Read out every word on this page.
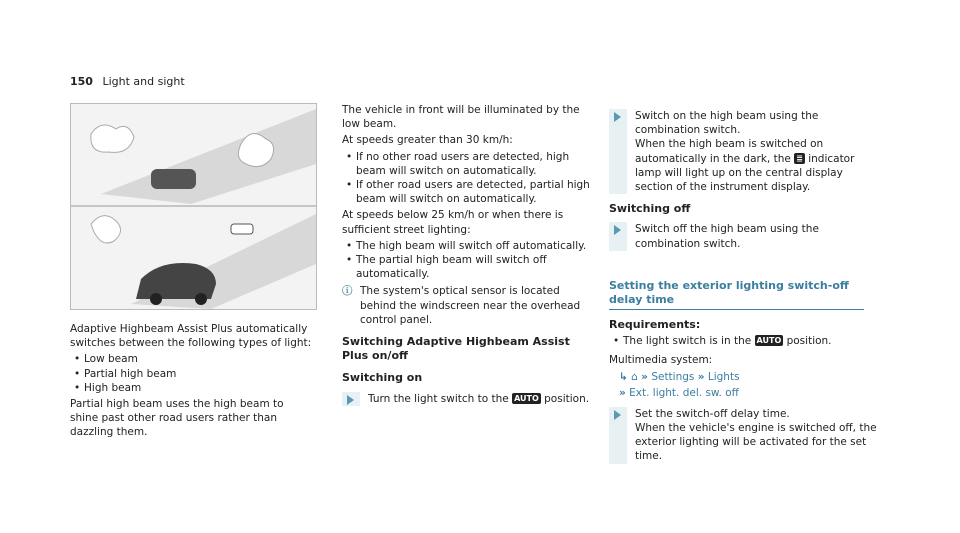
150 Light and sight

Adaptive Highbeam Assist Plus automatically switches between the following types of light:

• Low beam
• Partial high beam
• High beam

Partial high beam uses the high beam to shine past other road users rather than dazzling them.

The vehicle in front will be illuminated by the low beam.

At speeds greater than 30 km/h:

• If no other road users are detected, high beam will switch on automatically.
• If other road users are detected, partial high beam will switch on automatically.

At speeds below 25 km/h or when there is sufficient street lighting:

• The high beam will switch off automatically.
• The partial high beam will switch off automatically.
ⓘ The system's optical sensor is located behind the windscreen near the overhead control panel.
Switching Adaptive Highbeam Assist Plus on/off
Switching on
Turn the light switch to the AUTO position.
Switch on the high beam using the combination switch.
When the high beam is switched on automatically in the dark, the ≣ indicator lamp will light up on the central display section of the instrument display.
Switching off
Switch off the high beam using the combination switch.
Setting the exterior lighting switch-off delay time
Requirements:
• The light switch is in the AUTO position.

Multimedia system:

↳ ⌂ » Settings » Lights
» Ext. light. del. sw. off
Set the switch-off delay time.
When the vehicle's engine is switched off, the exterior lighting will be activated for the set time.
